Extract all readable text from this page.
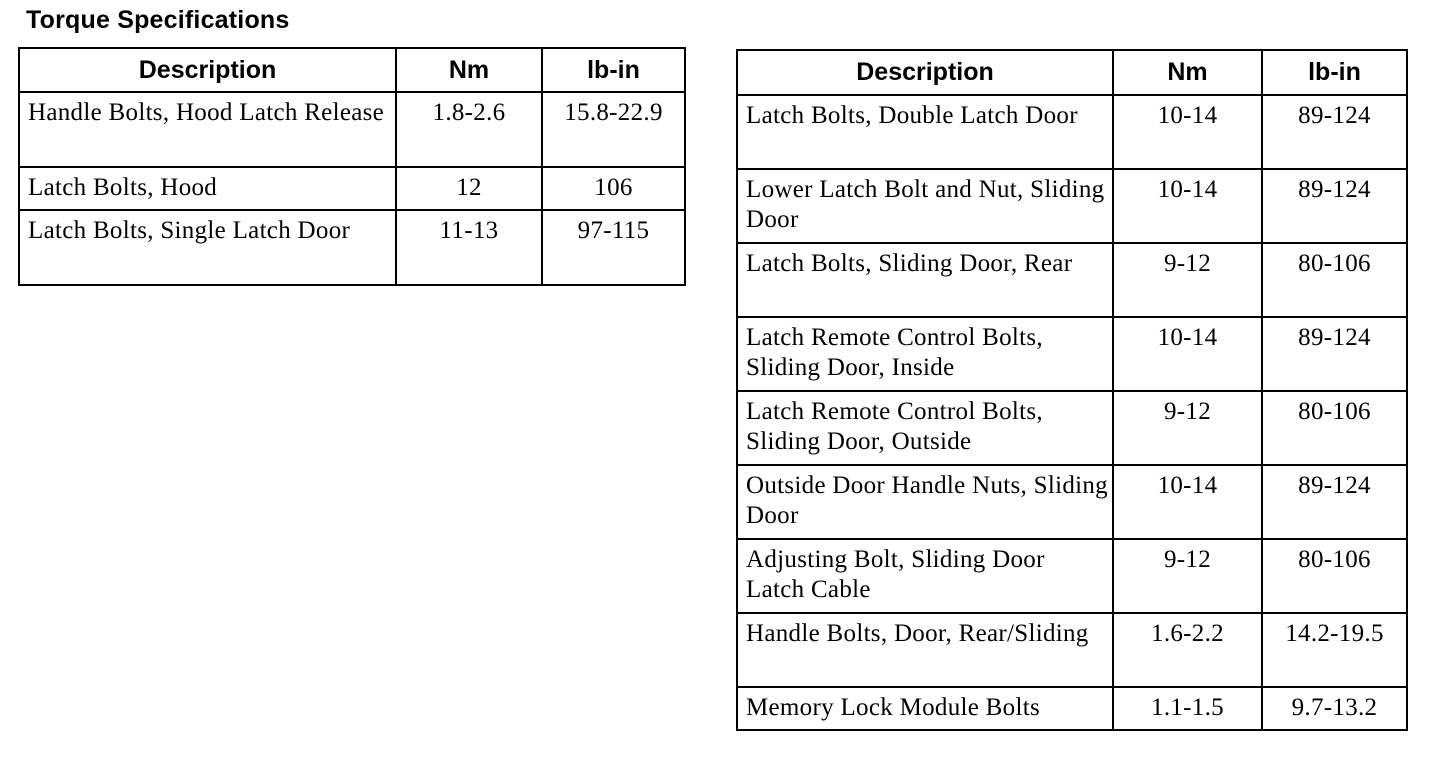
Torque Specifications
Description	Nm	lb-in
Handle Bolts, Hood Latch Release	1.8-2.6	15.8-22.9
Latch Bolts, Hood	12	106
Latch Bolts, Single Latch Door	11-13	97-115
Description	Nm	lb-in
Latch Bolts, Double Latch Door	10-14	89-124
Lower Latch Bolt and Nut, Sliding Door	10-14	89-124
Latch Bolts, Sliding Door, Rear	9-12	80-106
Latch Remote Control Bolts, Sliding Door, Inside	10-14	89-124
Latch Remote Control Bolts, Sliding Door, Outside	9-12	80-106
Outside Door Handle Nuts, Sliding Door	10-14	89-124
Adjusting Bolt, Sliding Door Latch Cable	9-12	80-106
Handle Bolts, Door, Rear/Sliding	1.6-2.2	14.2-19.5
Memory Lock Module Bolts	1.1-1.5	9.7-13.2
